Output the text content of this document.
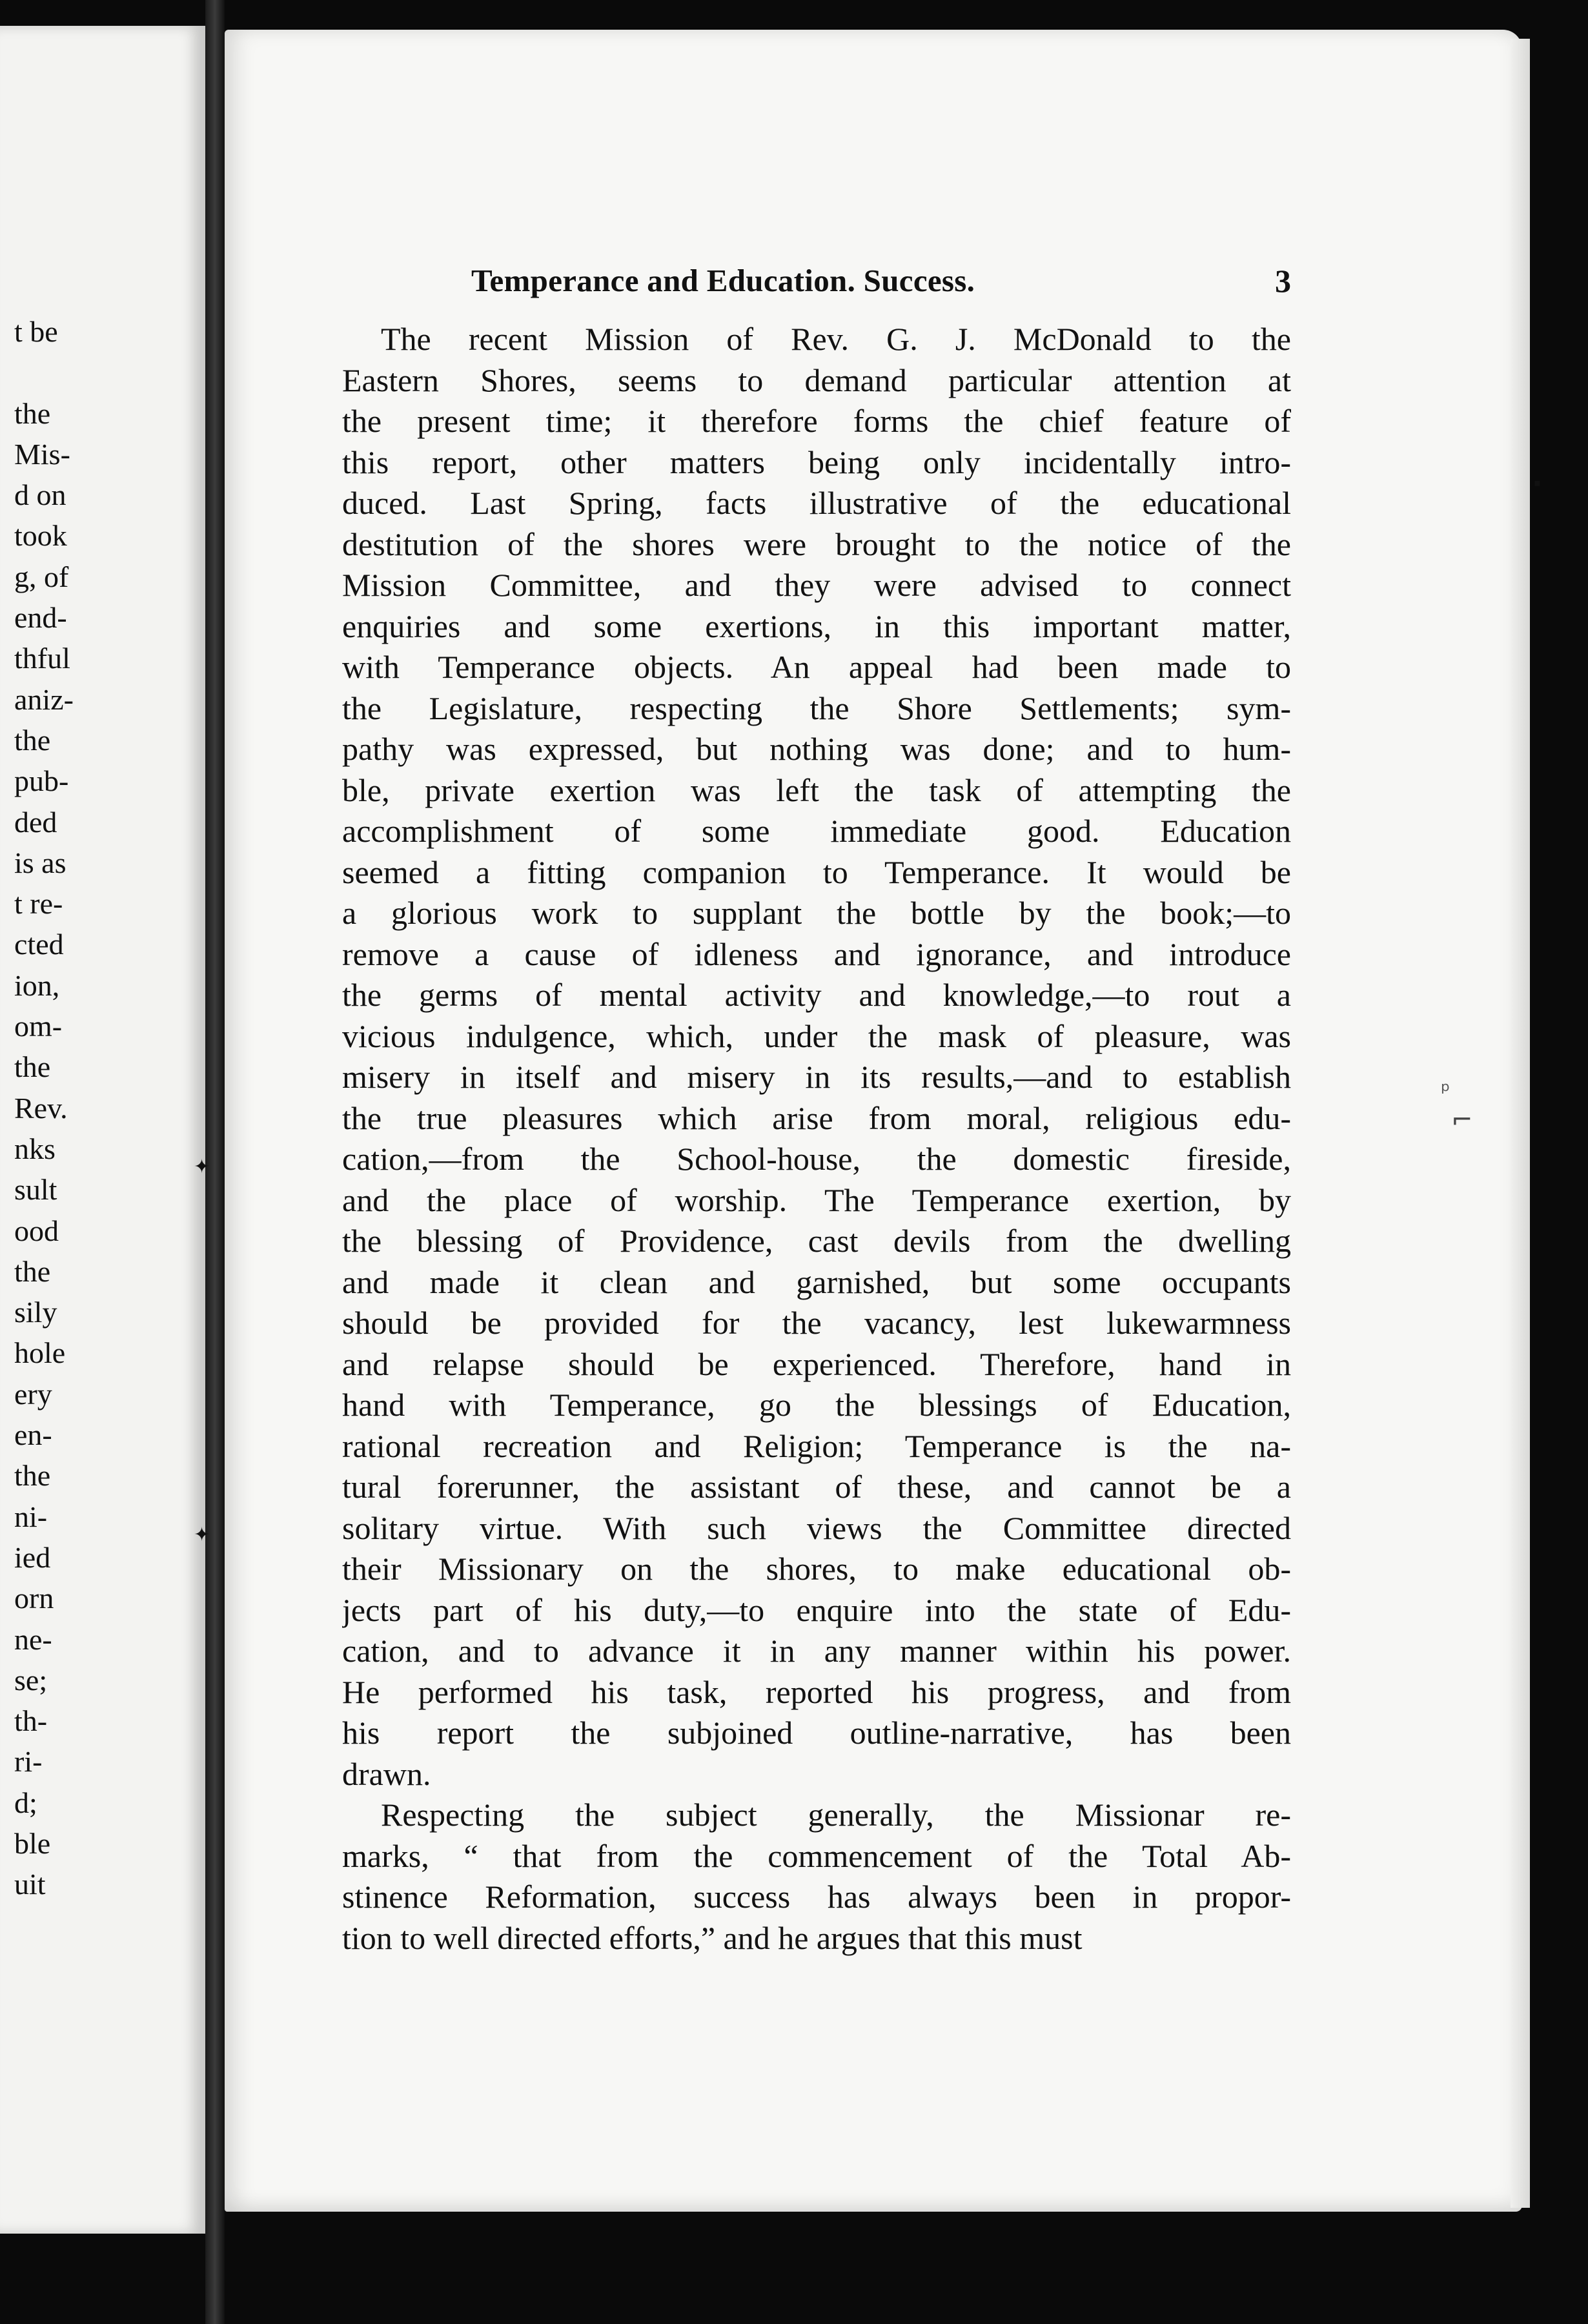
t be
the
Mis-
d on
took
g, of
end-
thful
aniz-
the
pub-
ded
is as
t re-
cted
ion,
om-
the
Rev.
nks
sult
ood
the
sily
hole
ery
en-
the
ni-
ied
orn
ne-
se;
th-
ri-
d;
ble
uit
Temperance and Education. Success.	3
The recent Mission of Rev. G. J. McDonald to the
Eastern Shores, seems to demand particular attention at
the present time; it therefore forms the chief feature of
this report, other matters being only incidentally intro-
duced. Last Spring, facts illustrative of the educational
destitution of the shores were brought to the notice of the
Mission Committee, and they were advised to connect
enquiries and some exertions, in this important matter,
with Temperance objects. An appeal had been made to
the Legislature, respecting the Shore Settlements; sym-
pathy was expressed, but nothing was done; and to hum-
ble, private exertion was left the task of attempting the
accomplishment of some immediate good. Education
seemed a fitting companion to Temperance. It would be
a glorious work to supplant the bottle by the book;—to
remove a cause of idleness and ignorance, and introduce
the germs of mental activity and knowledge,—to rout a
vicious indulgence, which, under the mask of pleasure, was
misery in itself and misery in its results,—and to establish
the true pleasures which arise from moral, religious edu-
cation,—from the School-house, the domestic fireside,
and the place of worship. The Temperance exertion, by
the blessing of Providence, cast devils from the dwelling
and made it clean and garnished, but some occupants
should be provided for the vacancy, lest lukewarmness
and relapse should be experienced. Therefore, hand in
hand with Temperance, go the blessings of Education,
rational recreation and Religion; Temperance is the na-
tural forerunner, the assistant of these, and cannot be a
solitary virtue. With such views the Committee directed
their Missionary on the shores, to make educational ob-
jects part of his duty,—to enquire into the state of Edu-
cation, and to advance it in any manner within his power.
He performed his task, reported his progress, and from
his report the subjoined outline-narrative, has been
drawn.
Respecting the subject generally, the Missionar re-
marks, “ that from the commencement of the Total Ab-
stinence Reformation, success has always been in propor-
tion to well directed efforts,” and he argues that this must
▪
⌐
ᵖ
✦
✦
